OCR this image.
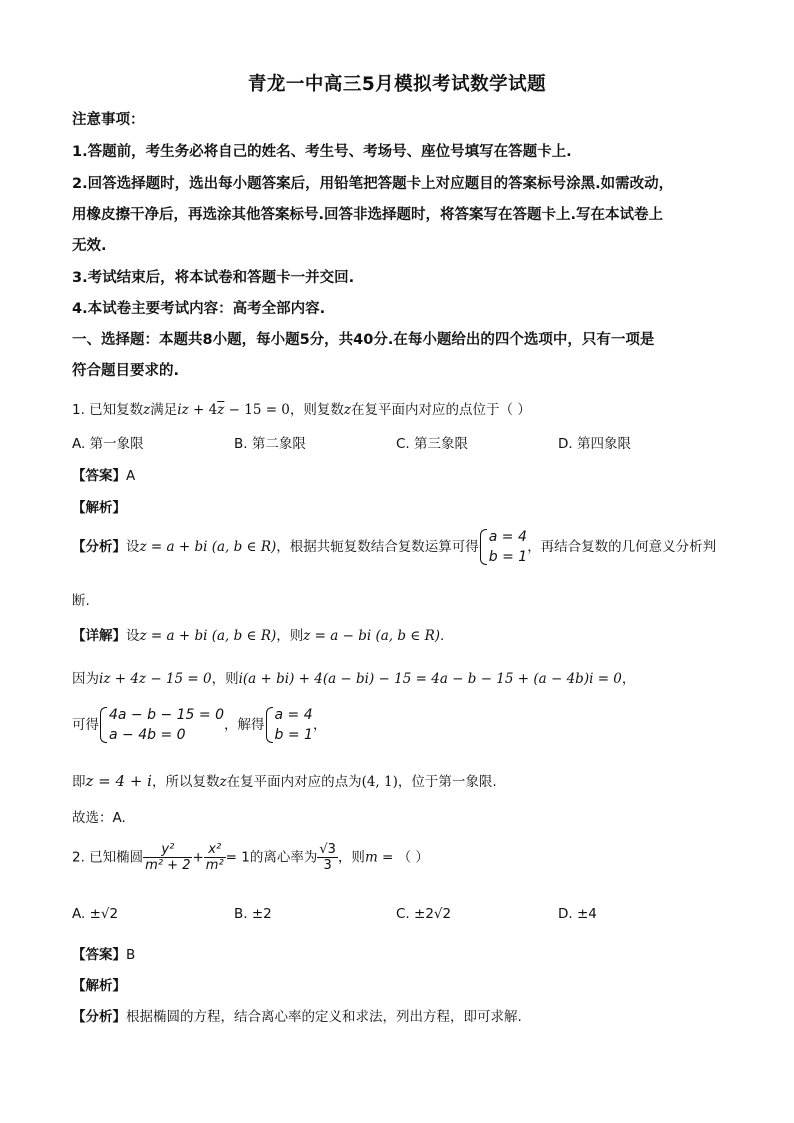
青龙一中高三5月模拟考试数学试题
注意事项：
1.答题前，考生务必将自己的姓名、考生号、考场号、座位号填写在答题卡上.
2.回答选择题时，选出每小题答案后，用铅笔把答题卡上对应题目的答案标号涂黑.如需改动，
用橡皮擦干净后，再选涂其他答案标号.回答非选择题时，将答案写在答题卡上.写在本试卷上
无效.
3.考试结束后，将本试卷和答题卡一并交回.
4.本试卷主要考试内容：高考全部内容.
一、选择题：本题共8小题，每小题5分，共40分.在每小题给出的四个选项中，只有一项是
符合题目要求的.
1. 已知复数z满足iz + $4\overline{z} - 15 = 0$，则复数z在复平面内对应的点位于（ ）
A. 第一象限	B. 第二象限	C. 第三象限	D. 第四象限
【答案】A
【解析】
【分析】设z = a + bi (a, b ∈ R)，根据共轭复数结合复数运算可得
a = 4
b = 1
，再结合复数的几何意义分析判
断.
【详解】设z = a + bi (a, b ∈ R)，则z = a − bi (a, b ∈ R).
因为iz + 4z − 15 = 0，则i(a + bi) + 4(a − bi) − 15 = 4a − b − 15 + (a − 4b)i = 0，
可得
4a − b − 15 = 0
a − 4b = 0
，解得
a = 4
b = 1
，
即z = 4 + i，所以复数z在复平面内对应的点为(4, 1)，位于第一象限.
故选：A.
2. 已知椭圆 $\frac{\text{y²}}{\text{m² + 2}} + \frac{\text{x²}}{\text{m²}} = 1$的离心率为 $\frac{√3}{3}$ ，则m = （ ）
A. ±√2	B. ±2	C. ±2√2	D. ±4
【答案】B
【解析】
【分析】根据椭圆的方程，结合离心率的定义和求法，列出方程，即可求解.
